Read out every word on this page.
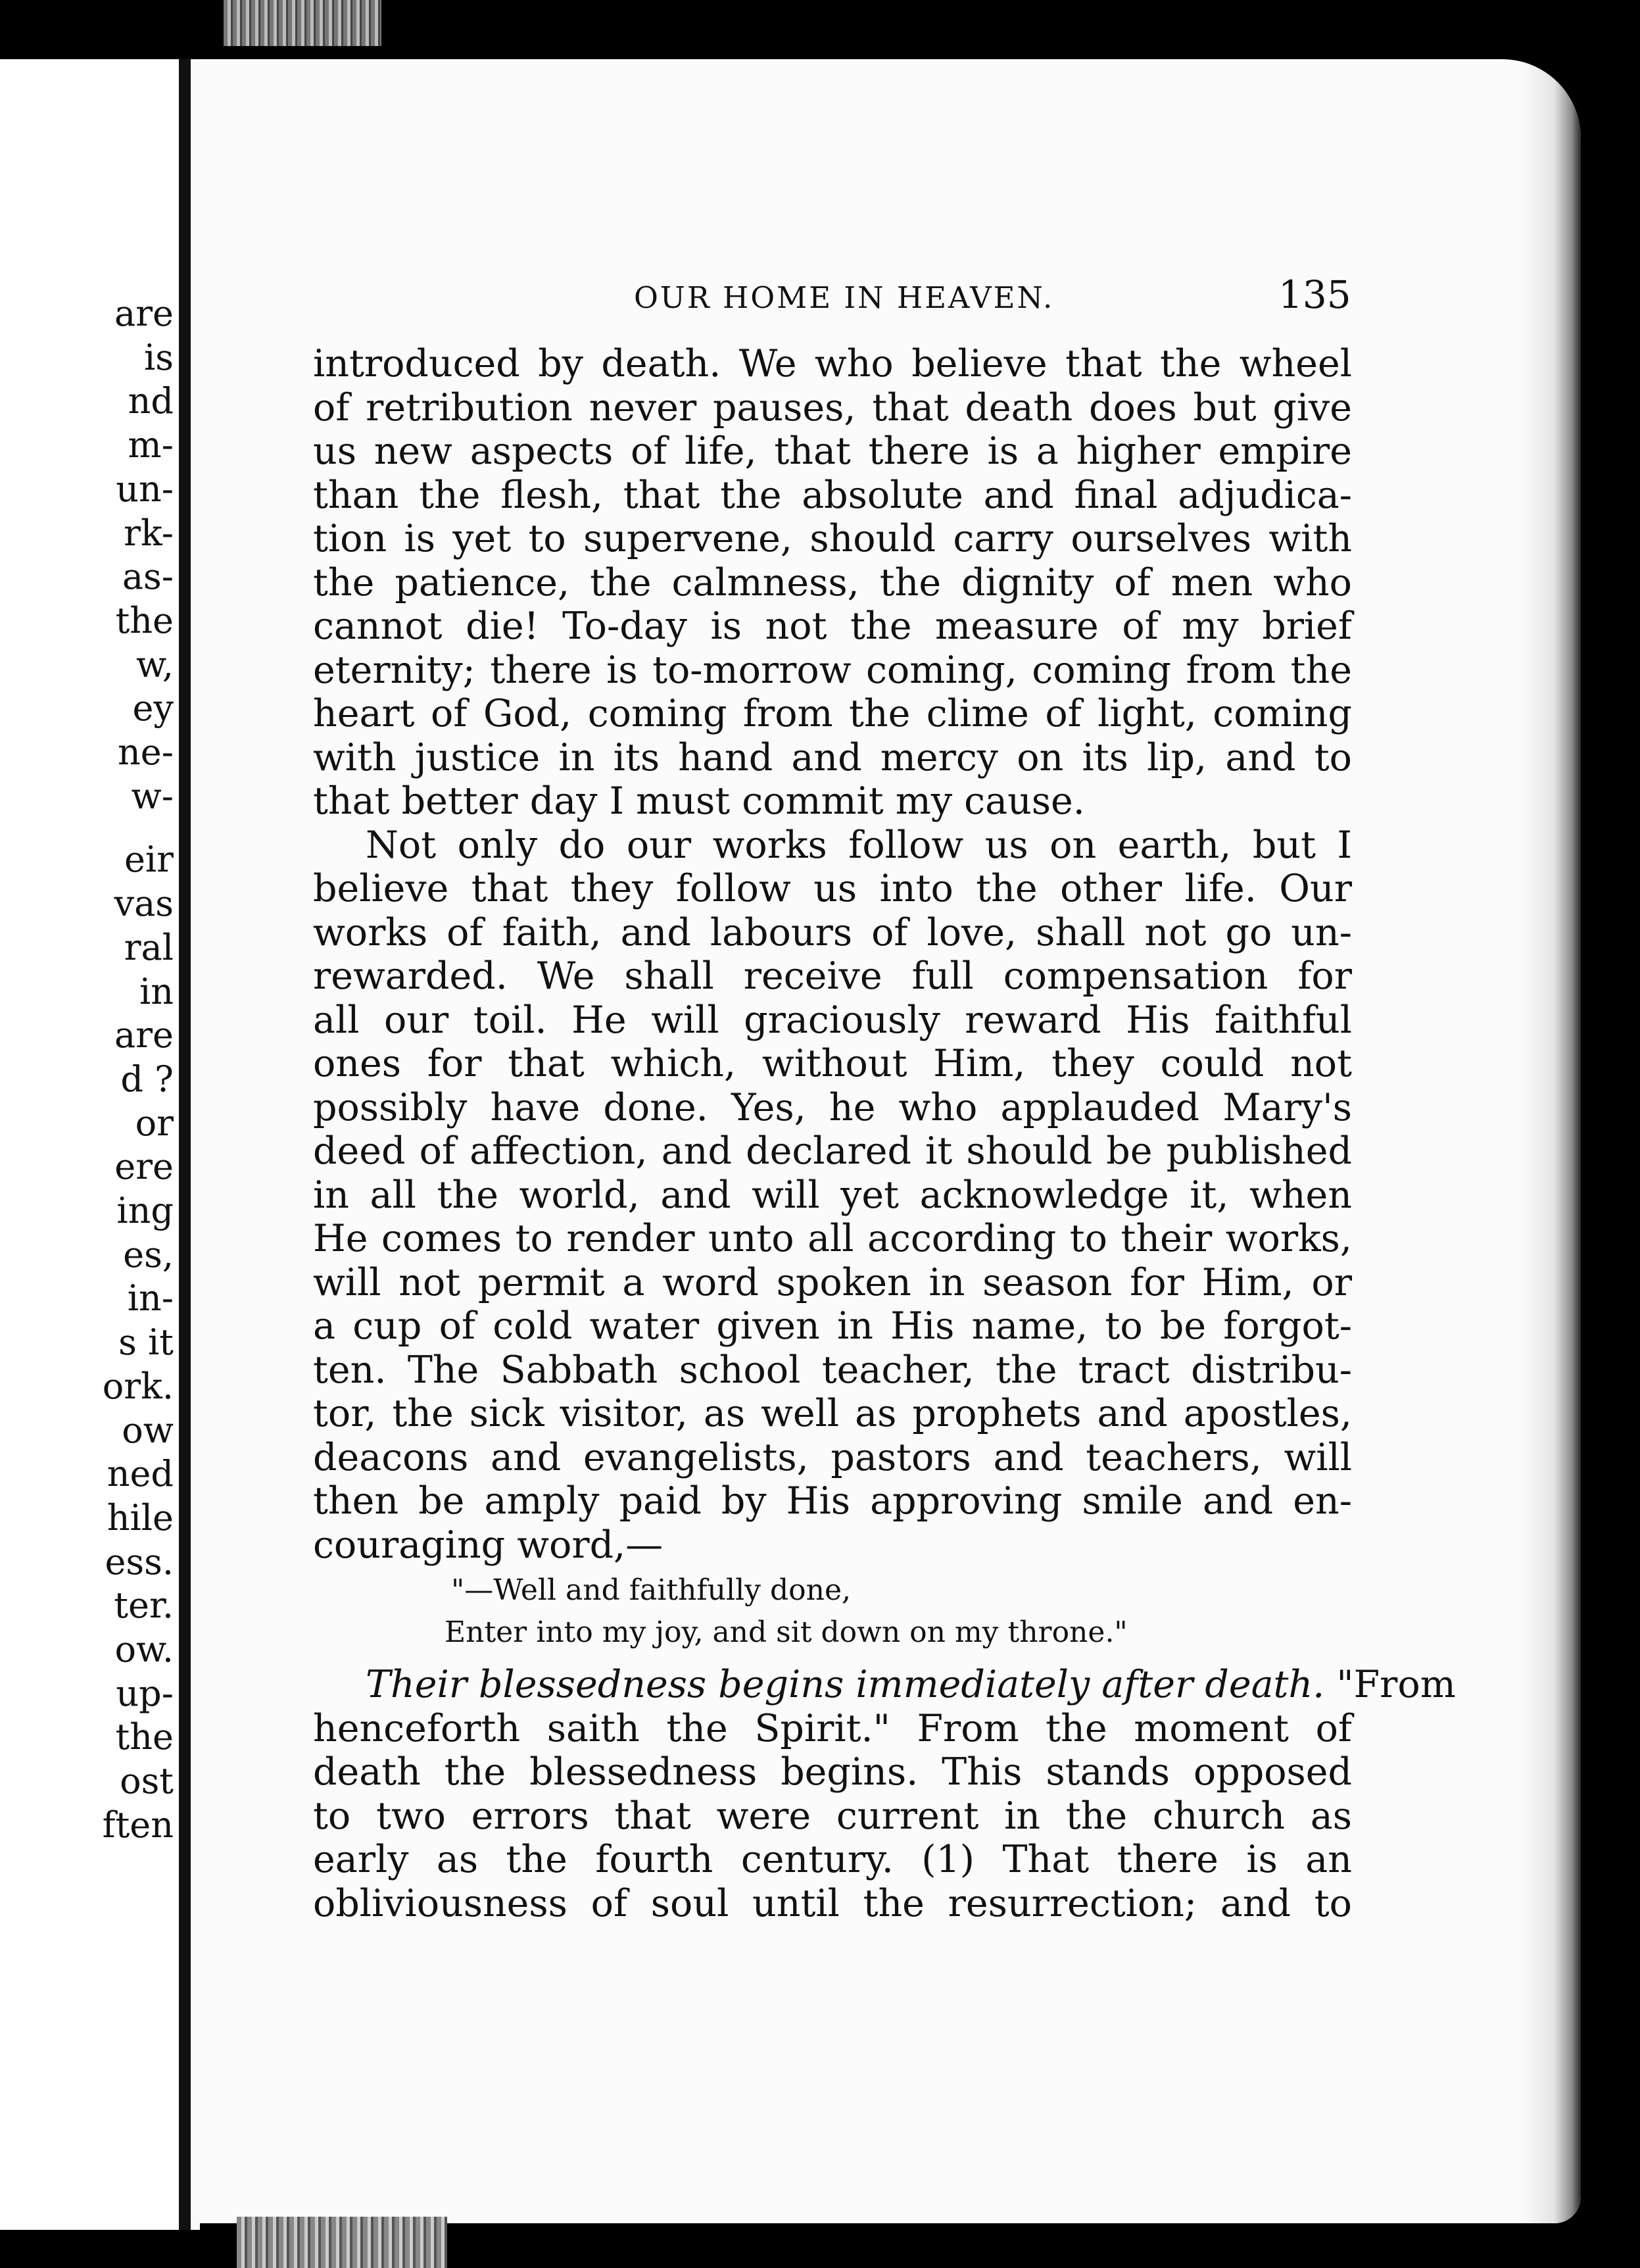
are
is
nd
m-
un-
rk-
as-
the
w,
ey
ne-
w-
eir
vas
ral
in
are
d ?
or
ere
ing
es,
in-
s it
ork.
ow
ned
hile
ess.
ter.
ow.
up-
the
ost
ften
OUR HOME IN HEAVEN.	135
introduced by death. We who believe that the wheel
of retribution never pauses, that death does but give
us new aspects of life, that there is a higher empire
than the flesh, that the absolute and final adjudica-
tion is yet to supervene, should carry ourselves with
the patience, the calmness, the dignity of men who
cannot die! To-day is not the measure of my brief
eternity; there is to-morrow coming, coming from the
heart of God, coming from the clime of light, coming
with justice in its hand and mercy on its lip, and to
that better day I must commit my cause.
Not only do our works follow us on earth, but I
believe that they follow us into the other life. Our
works of faith, and labours of love, shall not go un-
rewarded. We shall receive full compensation for
all our toil. He will graciously reward His faithful
ones for that which, without Him, they could not
possibly have done. Yes, he who applauded Mary's
deed of affection, and declared it should be published
in all the world, and will yet acknowledge it, when
He comes to render unto all according to their works,
will not permit a word spoken in season for Him, or
a cup of cold water given in His name, to be forgot-
ten. The Sabbath school teacher, the tract distribu-
tor, the sick visitor, as well as prophets and apostles,
deacons and evangelists, pastors and teachers, will
then be amply paid by His approving smile and en-
couraging word,—
"—Well and faithfully done,
Enter into my joy, and sit down on my throne."
Their blessedness begins immediately after death. "From
henceforth saith the Spirit." From the moment of
death the blessedness begins. This stands opposed
to two errors that were current in the church as
early as the fourth century. (1) That there is an
obliviousness of soul until the resurrection; and to
